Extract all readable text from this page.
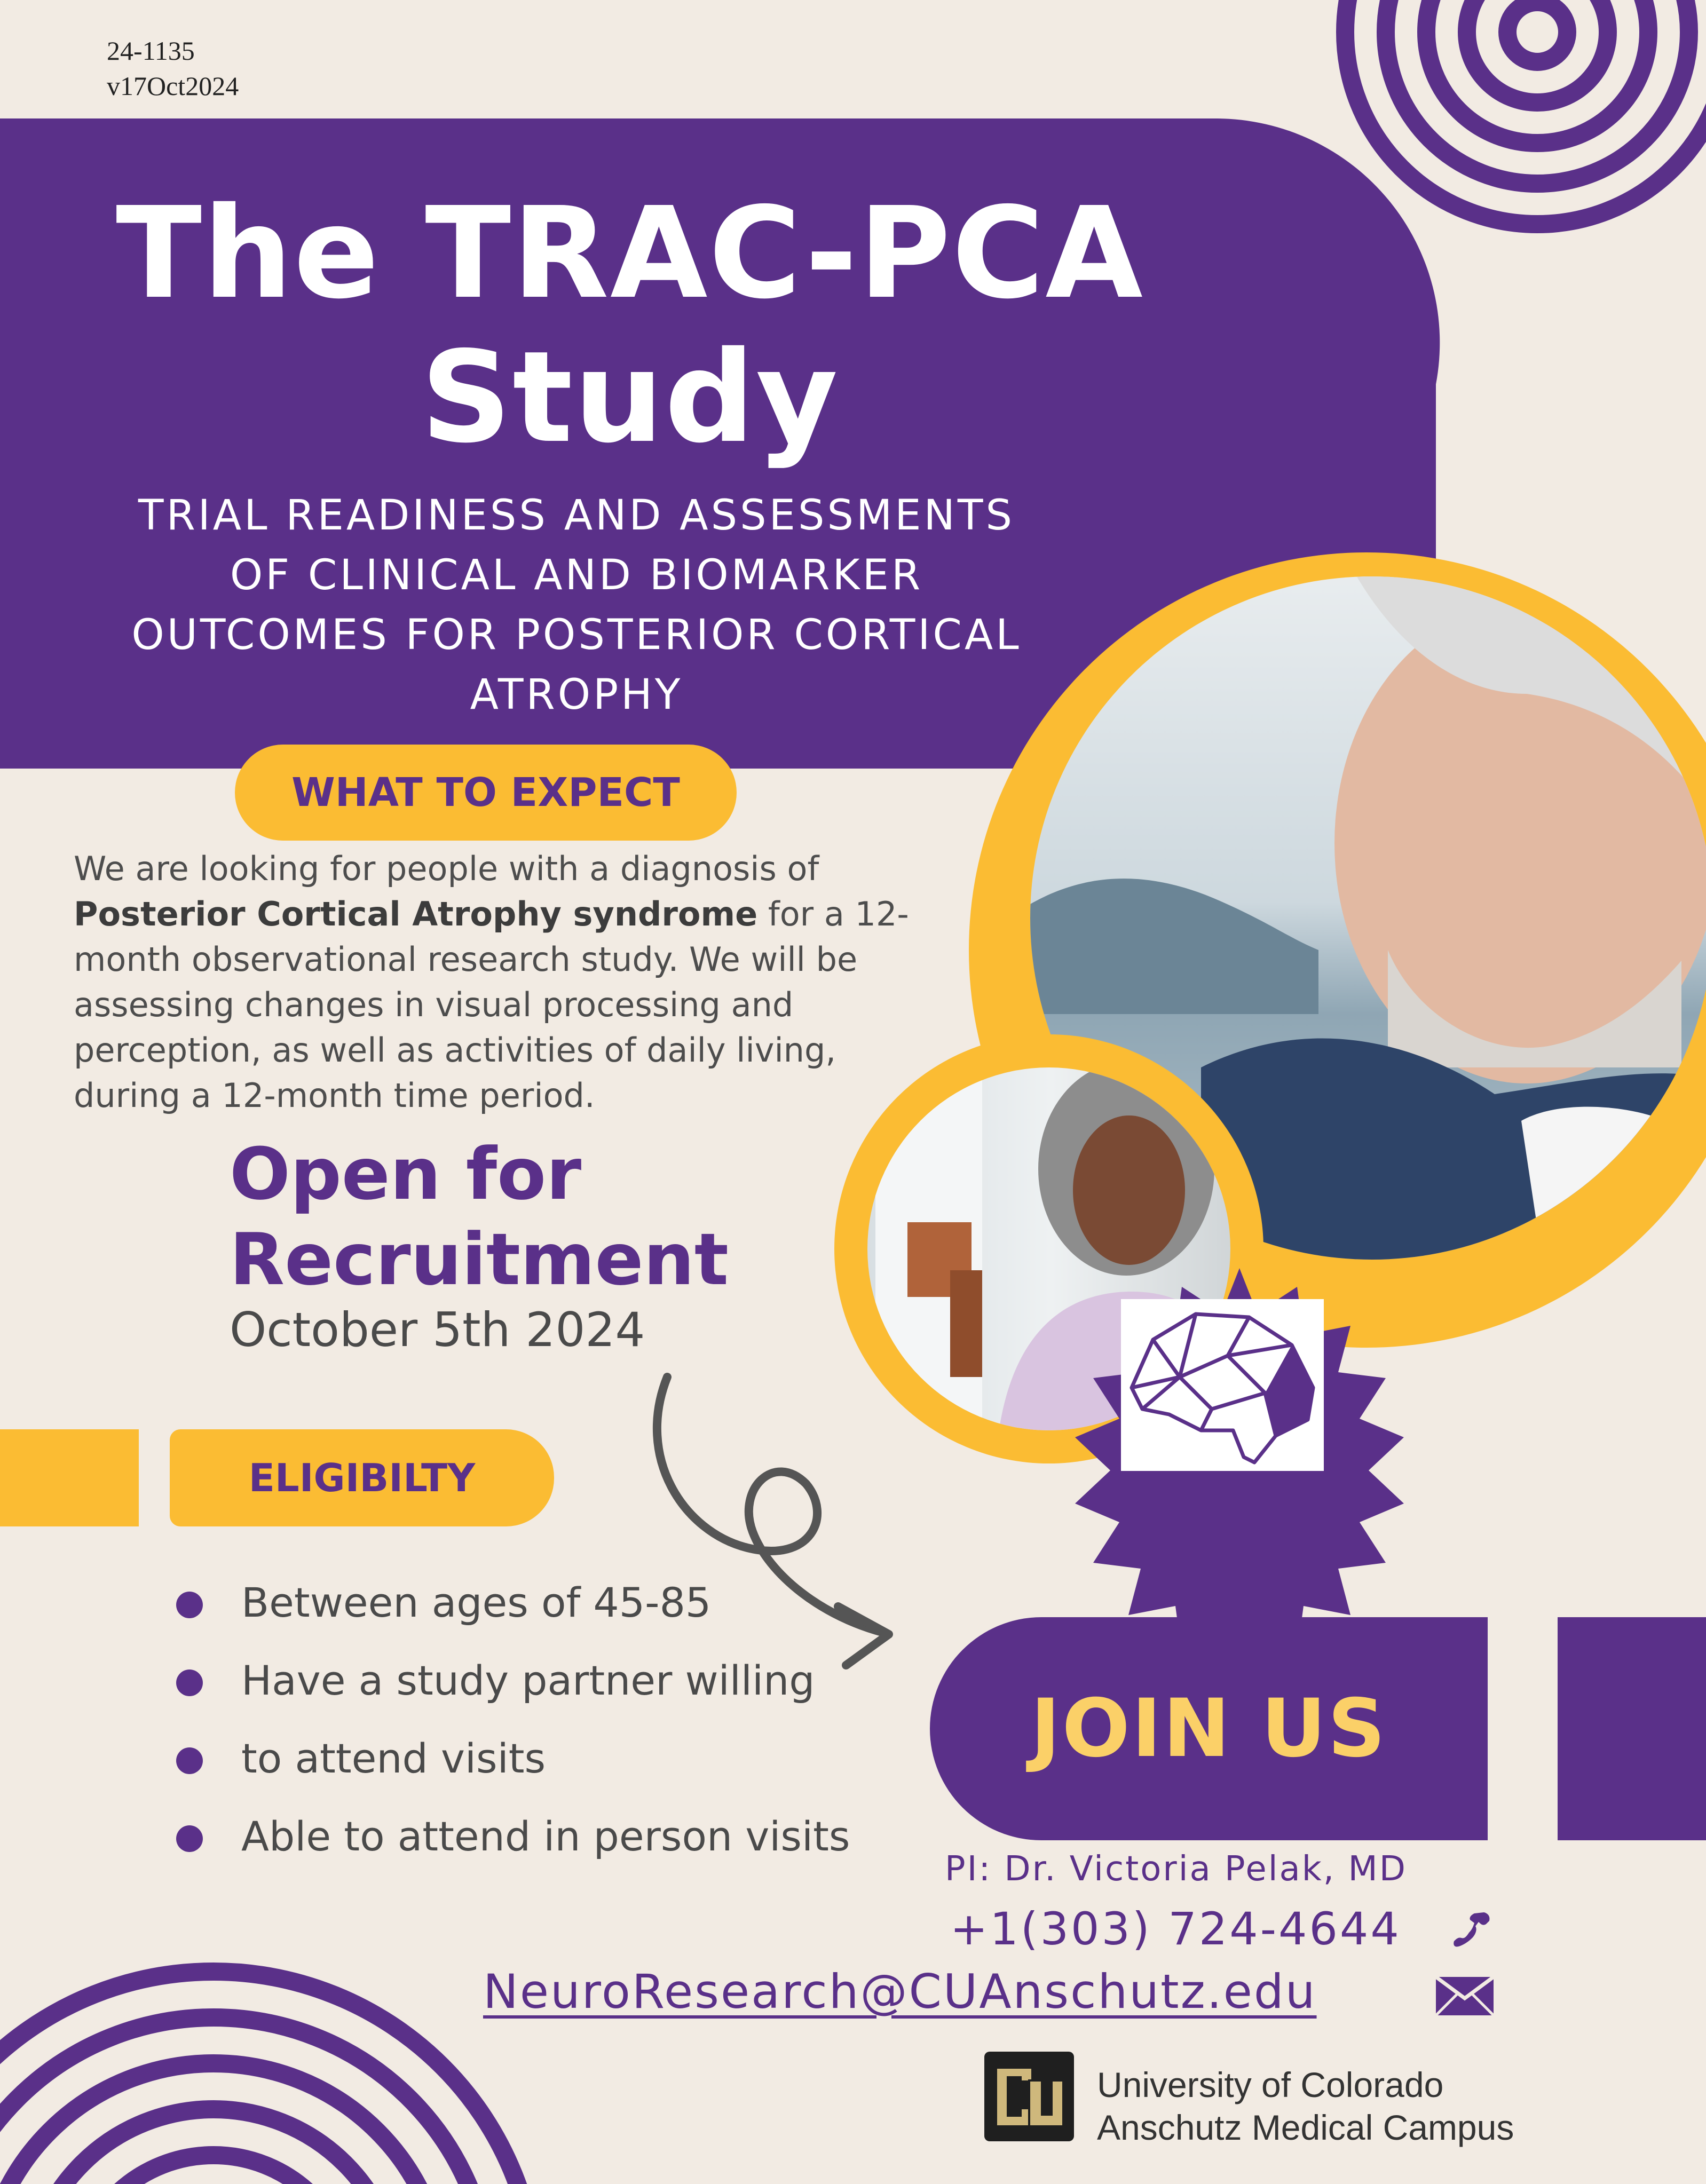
24-1135
v17Oct2024
The TRAC-PCA
Study
TRIAL READINESS AND ASSESSMENTS
OF CLINICAL AND BIOMARKER
OUTCOMES FOR POSTERIOR CORTICAL
ATROPHY
WHAT TO EXPECT
We are looking for people with a diagnosis of
Posterior Cortical Atrophy syndrome for a 12-
month observational research study. We will be
assessing changes in visual processing and
perception, as well as activities of daily living,
during a 12-month time period.
Open for
Recruitment
October 5th 2024
ELIGIBILTY
Between ages of 45-85
Have a study partner willing
to attend visits
Able to attend in person visits
JOIN US
PI: Dr. Victoria Pelak, MD
+1(303) 724-4644
NeuroResearch@CUAnschutz.edu
University of Colorado
Anschutz Medical Campus
